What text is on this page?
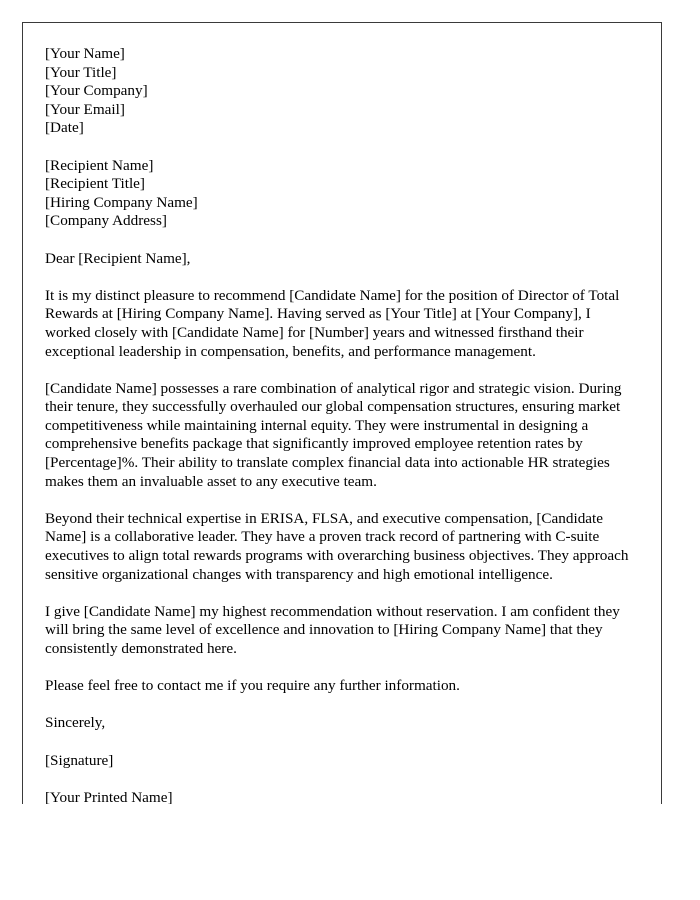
[Your Name]
[Your Title]
[Your Company]
[Your Email]
[Date]
[Recipient Name]
[Recipient Title]
[Hiring Company Name]
[Company Address]
Dear [Recipient Name],
It is my distinct pleasure to recommend [Candidate Name] for the position of Director of Total Rewards at [Hiring Company Name]. Having served as [Your Title] at [Your Company], I worked closely with [Candidate Name] for [Number] years and witnessed firsthand their exceptional leadership in compensation, benefits, and performance management.
[Candidate Name] possesses a rare combination of analytical rigor and strategic vision. During their tenure, they successfully overhauled our global compensation structures, ensuring market competitiveness while maintaining internal equity. They were instrumental in designing a comprehensive benefits package that significantly improved employee retention rates by [Percentage]%. Their ability to translate complex financial data into actionable HR strategies makes them an invaluable asset to any executive team.
Beyond their technical expertise in ERISA, FLSA, and executive compensation, [Candidate Name] is a collaborative leader. They have a proven track record of partnering with C-suite executives to align total rewards programs with overarching business objectives. They approach sensitive organizational changes with transparency and high emotional intelligence.
I give [Candidate Name] my highest recommendation without reservation. I am confident they will bring the same level of excellence and innovation to [Hiring Company Name] that they consistently demonstrated here.
Please feel free to contact me if you require any further information.
Sincerely,
[Signature]
[Your Printed Name]
